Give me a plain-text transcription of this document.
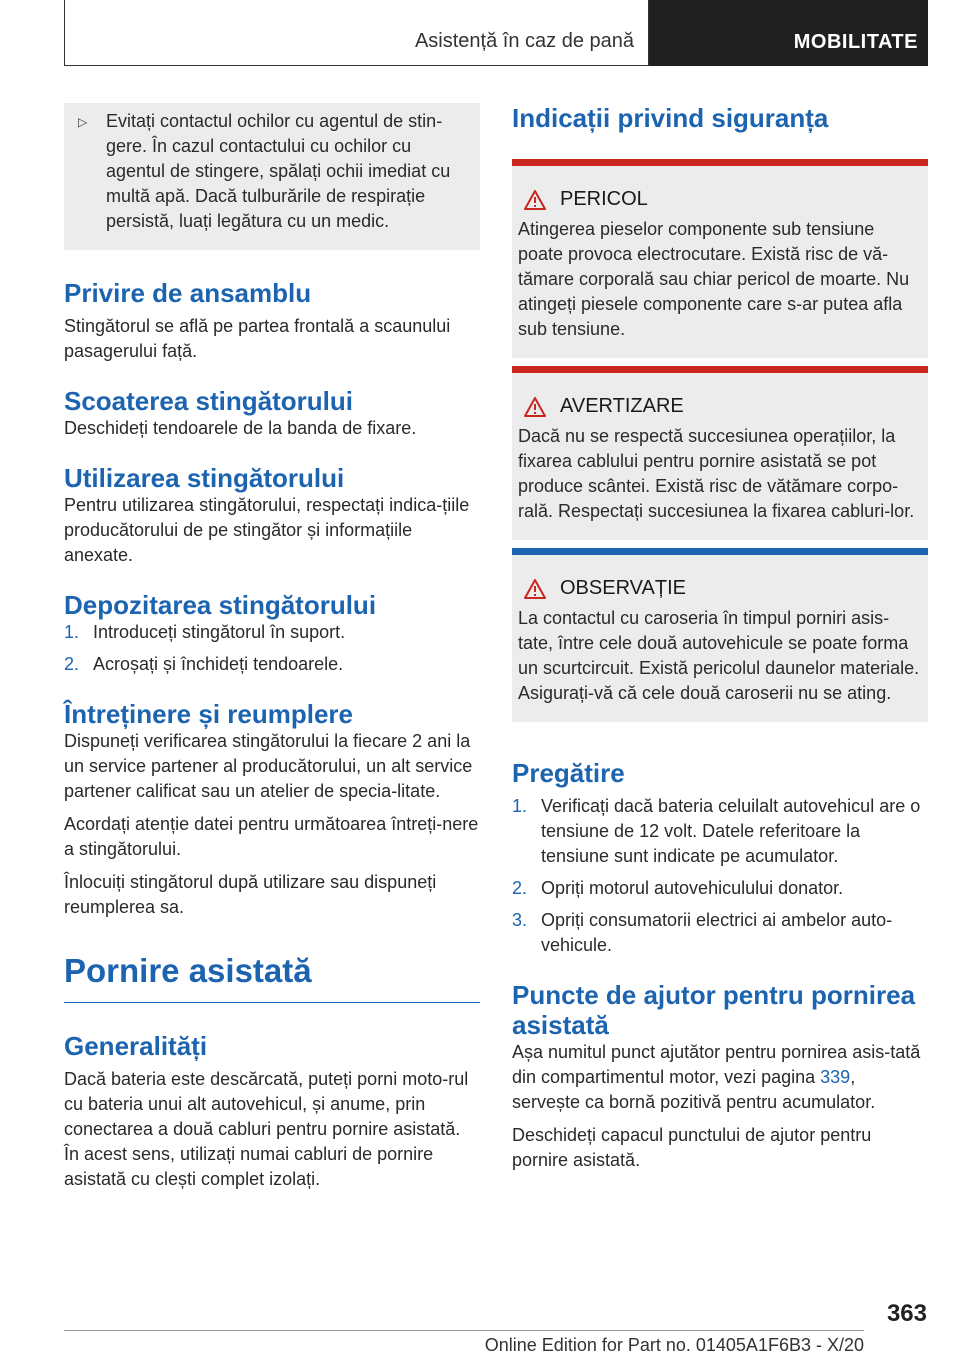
Asistență în caz de pană	MOBILITATE
▷	Evitați contactul ochilor cu agentul de stin-gere. În cazul contactului cu ochilor cu agentul de stingere, spălați ochii imediat cu multă apă. Dacă tulburările de respirație persistă, luați legătura cu un medic.

Privire de ansamblu

Stingătorul se află pe partea frontală a scaunului pasagerului față.

Scoaterea stingătorului

Deschideți tendoarele de la banda de fixare.

Utilizarea stingătorului

Pentru utilizarea stingătorului, respectați indica-țiile producătorului de pe stingător și informațiile anexate.

Depozitarea stingătorului
1. Introduceți stingătorul în suport.
2. Acroșați și închideți tendoarele.
Întreținere și reumplere

Dispuneți verificarea stingătorului la fiecare 2 ani la un service partener al producătorului, un alt service partener calificat sau un atelier de specia-litate.

Acordați atenție datei pentru următoarea întreți-nere a stingătorului.

Înlocuiți stingătorul după utilizare sau dispuneți reumplerea sa.

Pornire asistată
Generalități

Dacă bateria este descărcată, puteți porni moto-rul cu bateria unui alt autovehicul, și anume, prin conectarea a două cabluri pentru pornire asistată. În acest sens, utilizați numai cabluri de pornire asistată cu clești complet izolați.

Indicații privind siguranța
PERICOL

Atingerea pieselor componente sub tensiune poate provoca electrocutare. Există risc de vă-tămare corporală sau chiar pericol de moarte. Nu atingeți piesele componente care s-ar putea afla sub tensiune.

AVERTIZARE

Dacă nu se respectă succesiunea operațiilor, la fixarea cablului pentru pornire asistată se pot produce scântei. Există risc de vătămare corpo-rală. Respectați succesiunea la fixarea cabluri-lor.

OBSERVAȚIE

La contactul cu caroseria în timpul porniri asis-tate, între cele două autovehicule se poate forma un scurtcircuit. Există pericolul daunelor materiale. Asigurați-vă că cele două caroserii nu se ating.

Pregătire
1. Verificați dacă bateria celuilalt autovehicul are o tensiune de 12 volt. Datele referitoare la tensiune sunt indicate pe acumulator.
2. Opriți motorul autovehiculului donator.
3. Opriți consumatorii electrici ai ambelor auto-vehicule.
Puncte de ajutor pentru pornirea asistată

Așa numitul punct ajutător pentru pornirea asis-tată din compartimentul motor, vezi pagina 339, servește ca bornă pozitivă pentru acumulator.

Deschideți capacul punctului de ajutor pentru pornire asistată.

363
Online Edition for Part no. 01405A1F6B3 - X/20
